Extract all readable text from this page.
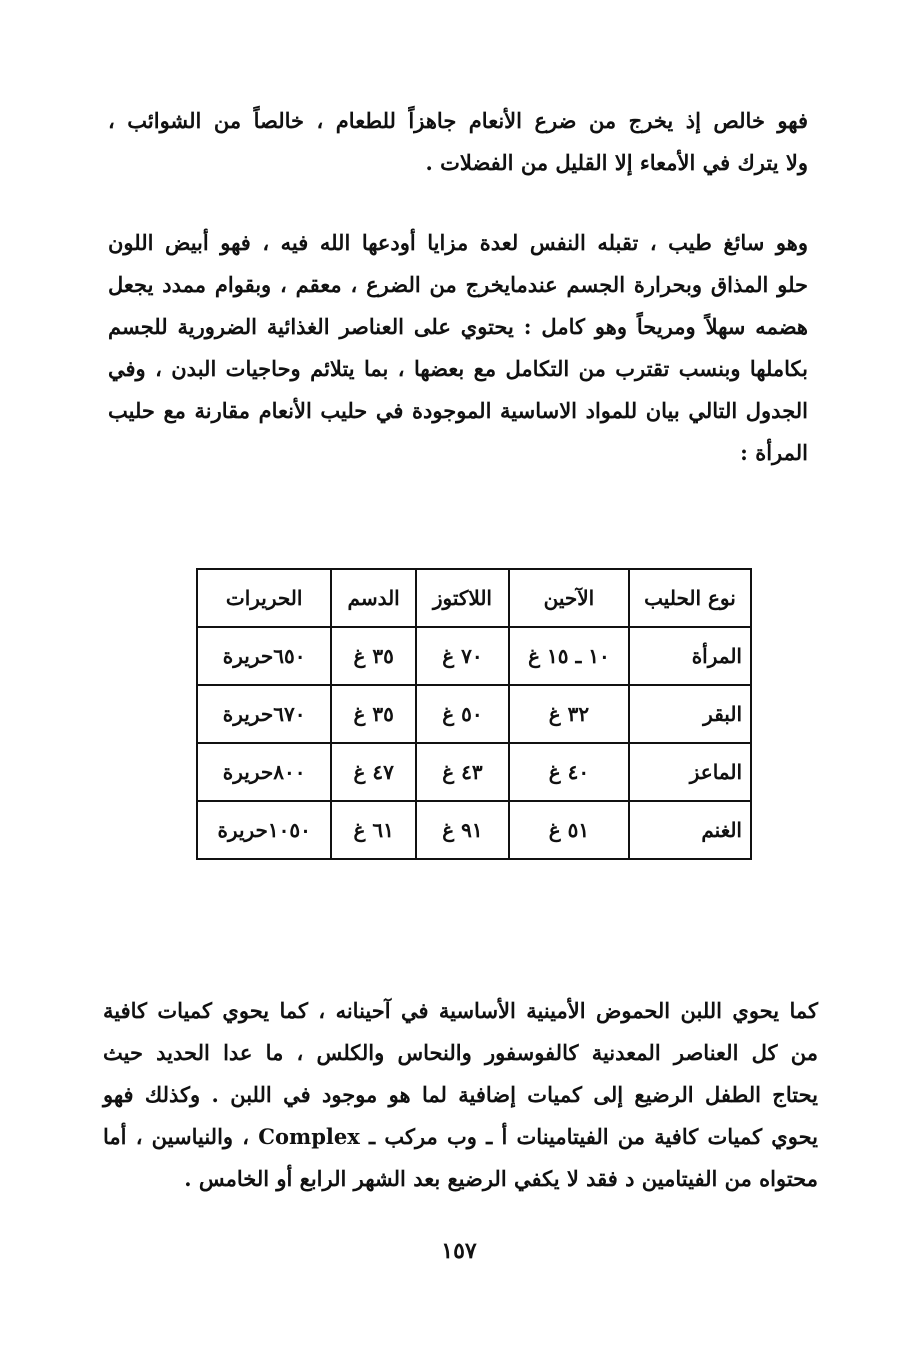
فهو خالص إذ يخرج من ضرع الأنعام جاهزاً للطعام ، خالصاً من الشوائب ،
ولا يترك في الأمعاء إلا القليل من الفضلات .
وهو سائغ طيب ، تقبله النفس لعدة مزايا أودعها الله فيه ، فهو أبيض اللون
حلو المذاق وبحرارة الجسم عندمايخرج من الضرع ، معقم ، وبقوام ممدد يجعل
هضمه سهلاً ومريحاً وهو كامل : يحتوي على العناصر الغذائية الضرورية للجسم
بكاملها وبنسب تقترب من التكامل مع بعضها ، بما يتلائم وحاجيات البدن ، وفي
الجدول التالي بيان للمواد الاساسية الموجودة في حليب الأنعام مقارنة مع حليب
المرأة :
نوع الحليب	الآحين	اللاكتوز	الدسم	الحريرات
المرأة	١٠ ـ ١٥ غ	٧٠ غ	٣٥ غ	٦٥٠حريرة
البقر	٣٢ غ	٥٠ غ	٣٥ غ	٦٧٠حريرة
الماعز	٤٠ غ	٤٣ غ	٤٧ غ	٨٠٠حريرة
الغنم	٥١ غ	٩١ غ	٦١ غ	١٠٥٠حريرة
كما يحوي اللبن الحموض الأمينية الأساسية في آحينانه ، كما يحوي كميات كافية
من كل العناصر المعدنية كالفوسفور والنحاس والكلس ، ما عدا الحديد حيث
يحتاج الطفل الرضيع إلى كميات إضافية لما هو موجود في اللبن . وكذلك فهو
يحوي كميات كافية من الفيتامينات أ ـ وب مركب ـ Complex ، والنياسين ، أما
محتواه من الفيتامين د فقد لا يكفي الرضيع بعد الشهر الرابع أو الخامس .
١٥٧
